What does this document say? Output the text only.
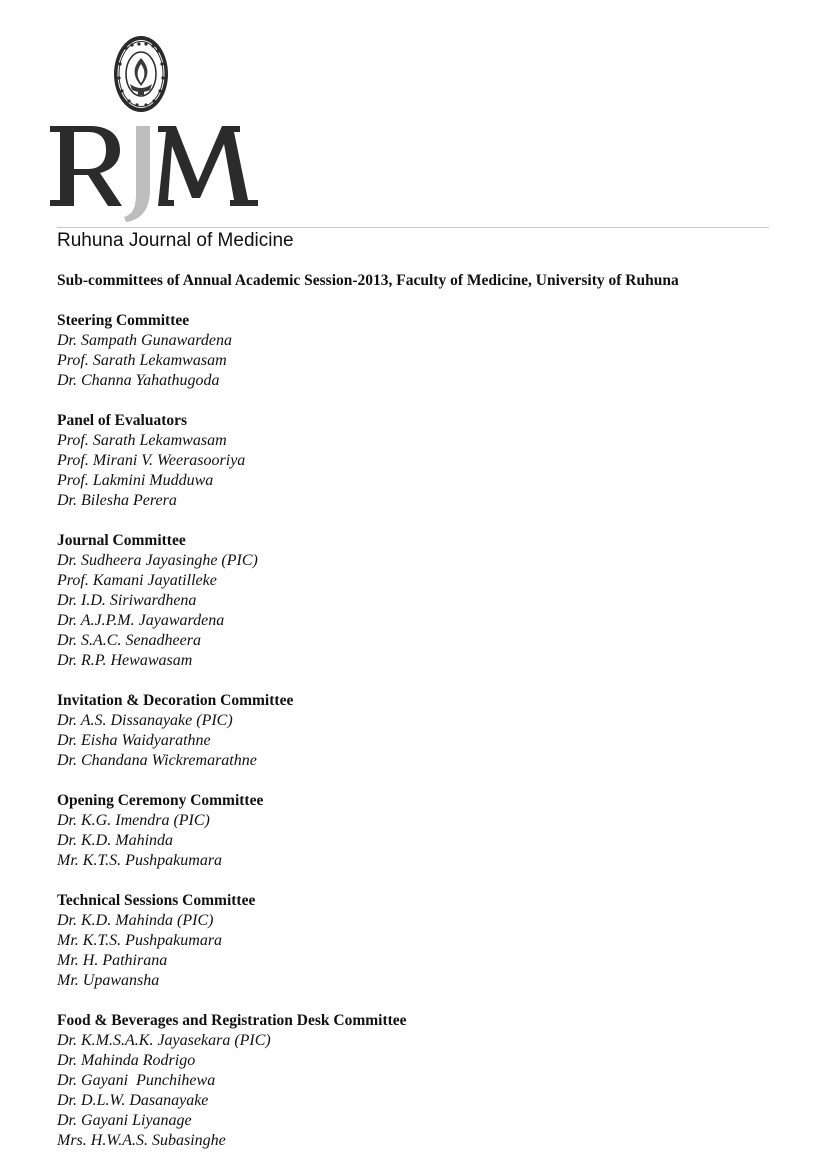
Ruhuna Journal of Medicine
Sub-committees of Annual Academic Session-2013, Faculty of Medicine, University of Ruhuna
Steering Committee
Dr. Sampath Gunawardena
Prof. Sarath Lekamwasam
Dr. Channa Yahathugoda
Panel of Evaluators
Prof. Sarath Lekamwasam
Prof. Mirani V. Weerasooriya
Prof. Lakmini Mudduwa
Dr. Bilesha Perera
Journal Committee
Dr. Sudheera Jayasinghe (PIC)
Prof. Kamani Jayatilleke
Dr. I.D. Siriwardhena
Dr. A.J.P.M. Jayawardena
Dr. S.A.C. Senadheera
Dr. R.P. Hewawasam
Invitation & Decoration Committee
Dr. A.S. Dissanayake (PIC)
Dr. Eisha Waidyarathne
Dr. Chandana Wickremarathne
Opening Ceremony Committee
Dr. K.G. Imendra (PIC)
Dr. K.D. Mahinda
Mr. K.T.S. Pushpakumara
Technical Sessions Committee
Dr. K.D. Mahinda (PIC)
Mr. K.T.S. Pushpakumara
Mr. H. Pathirana
Mr. Upawansha
Food & Beverages and Registration Desk Committee
Dr. K.M.S.A.K. Jayasekara (PIC)
Dr. Mahinda Rodrigo
Dr. Gayani  Punchihewa
Dr. D.L.W. Dasanayake
Dr. Gayani Liyanage
Mrs. H.W.A.S. Subasinghe
